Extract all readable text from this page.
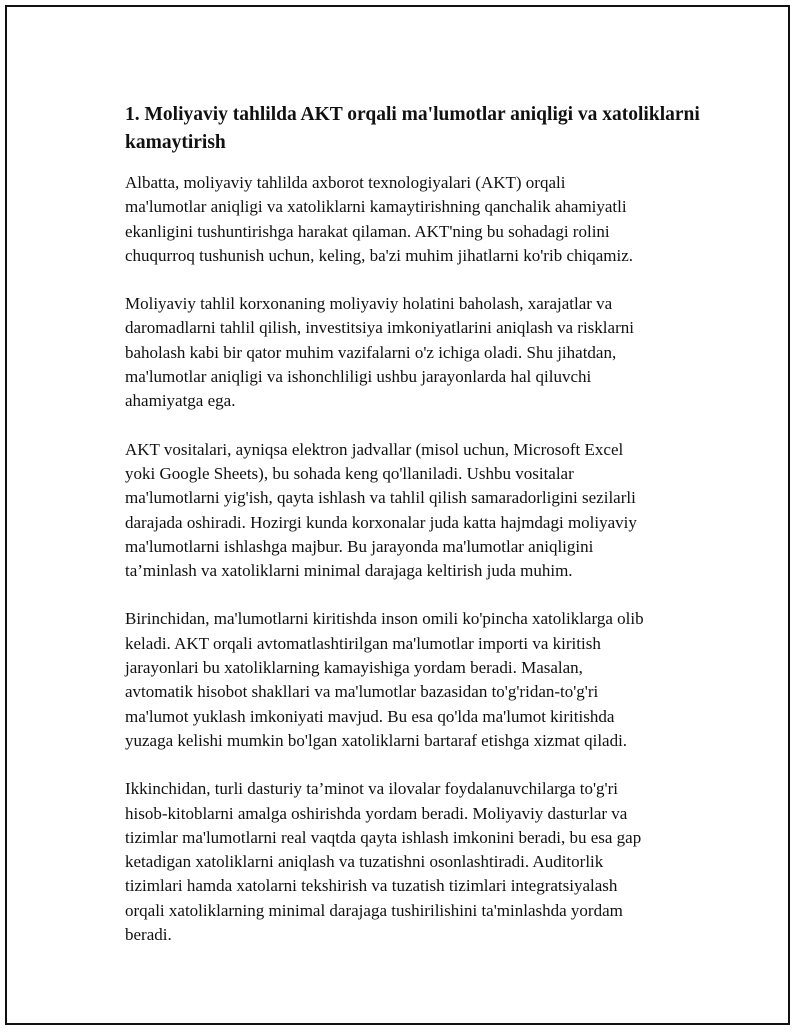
1. Moliyaviy tahlilda AKT orqali ma'lumotlar aniqligi va xatoliklarni kamaytirish

Albatta, moliyaviy tahlilda axborot texnologiyalari (AKT) orqali
ma'lumotlar aniqligi va xatoliklarni kamaytirishning qanchalik ahamiyatli
ekanligini tushuntirishga harakat qilaman. AKT'ning bu sohadagi rolini
chuqurroq tushunish uchun, keling, ba'zi muhim jihatlarni ko'rib chiqamiz.

Moliyaviy tahlil korxonaning moliyaviy holatini baholash, xarajatlar va
daromadlarni tahlil qilish, investitsiya imkoniyatlarini aniqlash va risklarni
baholash kabi bir qator muhim vazifalarni o'z ichiga oladi. Shu jihatdan,
ma'lumotlar aniqligi va ishonchliligi ushbu jarayonlarda hal qiluvchi
ahamiyatga ega.

AKT vositalari, ayniqsa elektron jadvallar (misol uchun, Microsoft Excel
yoki Google Sheets), bu sohada keng qo'llaniladi. Ushbu vositalar
ma'lumotlarni yig'ish, qayta ishlash va tahlil qilish samaradorligini sezilarli
darajada oshiradi. Hozirgi kunda korxonalar juda katta hajmdagi moliyaviy
ma'lumotlarni ishlashga majbur. Bu jarayonda ma'lumotlar aniqligini
ta’minlash va xatoliklarni minimal darajaga keltirish juda muhim.

Birinchidan, ma'lumotlarni kiritishda inson omili ko'pincha xatoliklarga olib
keladi. AKT orqali avtomatlashtirilgan ma'lumotlar importi va kiritish
jarayonlari bu xatoliklarning kamayishiga yordam beradi. Masalan,
avtomatik hisobot shakllari va ma'lumotlar bazasidan to'g'ridan-to'g'ri
ma'lumot yuklash imkoniyati mavjud. Bu esa qo'lda ma'lumot kiritishda
yuzaga kelishi mumkin bo'lgan xatoliklarni bartaraf etishga xizmat qiladi.

Ikkinchidan, turli dasturiy ta’minot va ilovalar foydalanuvchilarga to'g'ri
hisob-kitoblarni amalga oshirishda yordam beradi. Moliyaviy dasturlar va
tizimlar ma'lumotlarni real vaqtda qayta ishlash imkonini beradi, bu esa gap
ketadigan xatoliklarni aniqlash va tuzatishni osonlashtiradi. Auditorlik
tizimlari hamda xatolarni tekshirish va tuzatish tizimlari integratsiyalash
orqali xatoliklarning minimal darajaga tushirilishini ta'minlashda yordam
beradi.
